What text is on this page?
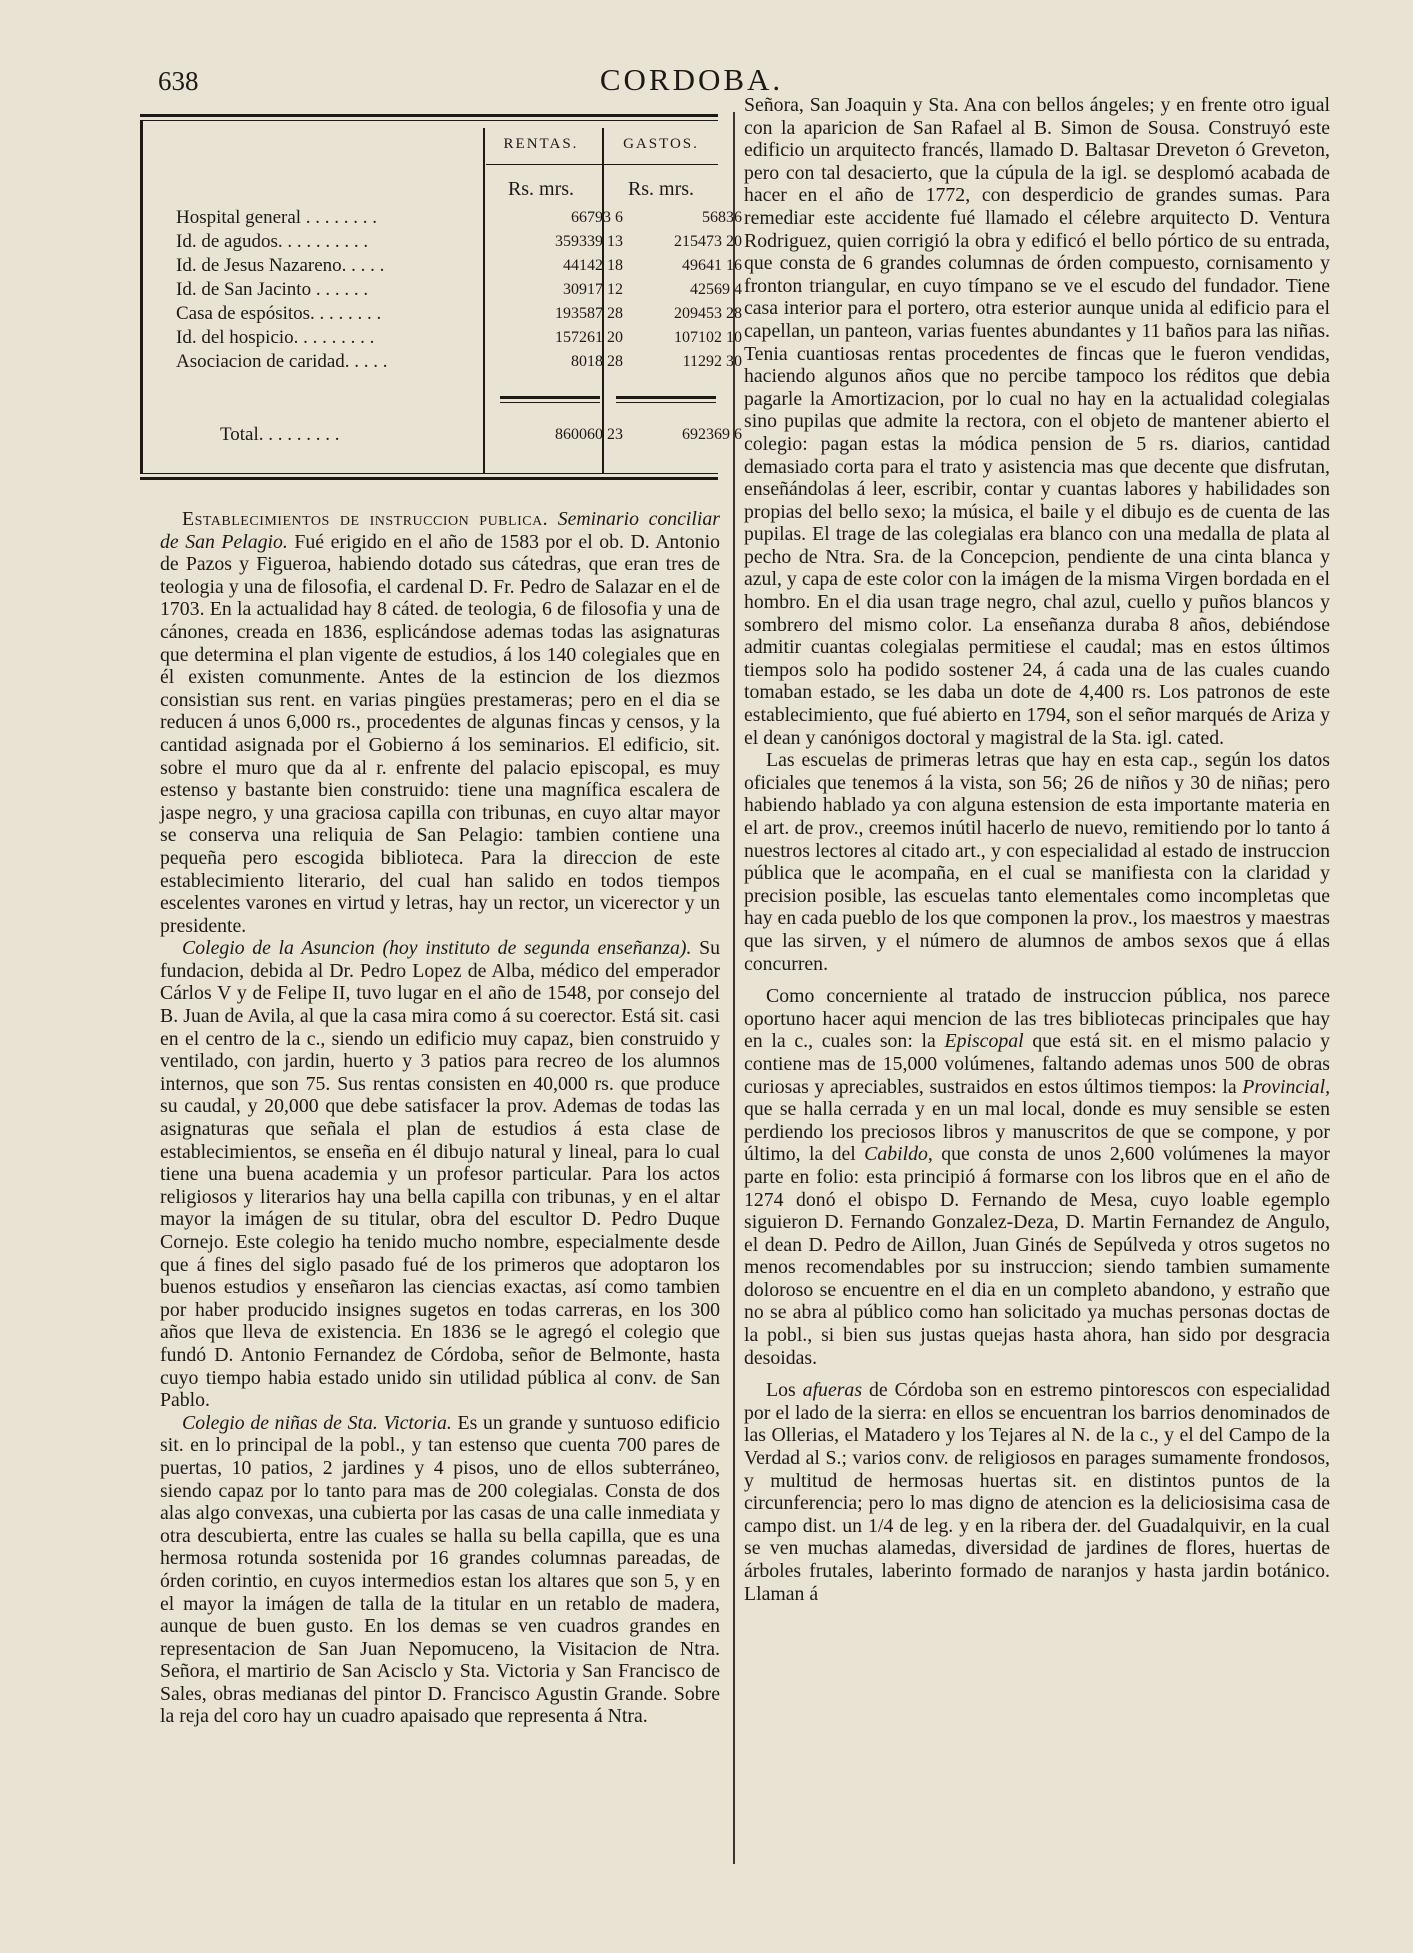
638	CORDOBA.
RENTAS.	GASTOS.
Rs. mrs.	Rs. mrs.
Hospital general . . . . . . . .	66793 6	56836
Id. de agudos. . . . . . . . . .	359339 13	215473 20
Id. de Jesus Nazareno. . . . .	44142 18	49641 16
Id. de San Jacinto . . . . . .	30917 12	42569 4
Casa de espósitos. . . . . . . .	193587 28	209453 28
Id. del hospicio. . . . . . . . .	157261 20	107102 10
Asociacion de caridad. . . . .	8018 28	11292 30
Total. . . . . . . . .	860060 23	692369 6

Establecimientos de instruccion publica. Seminario conciliar de San Pelagio. Fué erigido en el año de 1583 por el ob. D. Antonio de Pazos y Figueroa, habiendo dotado sus cátedras, que eran tres de teologia y una de filosofia, el cardenal D. Fr. Pedro de Salazar en el de 1703. En la actualidad hay 8 cáted. de teologia, 6 de filosofia y una de cánones, creada en 1836, esplicándose ademas todas las asignaturas que determina el plan vigente de estudios, á los 140 colegiales que en él existen comunmente. Antes de la estincion de los diezmos consistian sus rent. en varias pingües prestameras; pero en el dia se reducen á unos 6,000 rs., procedentes de algunas fincas y censos, y la cantidad asignada por el Gobierno á los seminarios. El edificio, sit. sobre el muro que da al r. enfrente del palacio episcopal, es muy estenso y bastante bien construido: tiene una magnífica escalera de jaspe negro, y una graciosa capilla con tribunas, en cuyo altar mayor se conserva una reliquia de San Pelagio: tambien contiene una pequeña pero escogida biblioteca. Para la direccion de este establecimiento literario, del cual han salido en todos tiempos escelentes varones en virtud y letras, hay un rector, un vicerector y un presidente.

Colegio de la Asuncion (hoy instituto de segunda enseñanza). Su fundacion, debida al Dr. Pedro Lopez de Alba, médico del emperador Cárlos V y de Felipe II, tuvo lugar en el año de 1548, por consejo del B. Juan de Avila, al que la casa mira como á su coerector. Está sit. casi en el centro de la c., siendo un edificio muy capaz, bien construido y ventilado, con jardin, huerto y 3 patios para recreo de los alumnos internos, que son 75. Sus rentas consisten en 40,000 rs. que produce su caudal, y 20,000 que debe satisfacer la prov. Ademas de todas las asignaturas que señala el plan de estudios á esta clase de establecimientos, se enseña en él dibujo natural y lineal, para lo cual tiene una buena academia y un profesor particular. Para los actos religiosos y literarios hay una bella capilla con tribunas, y en el altar mayor la imágen de su titular, obra del escultor D. Pedro Duque Cornejo. Este colegio ha tenido mucho nombre, especialmente desde que á fines del siglo pasado fué de los primeros que adoptaron los buenos estudios y enseñaron las ciencias exactas, así como tambien por haber producido insignes sugetos en todas carreras, en los 300 años que lleva de existencia. En 1836 se le agregó el colegio que fundó D. Antonio Fernandez de Córdoba, señor de Belmonte, hasta cuyo tiempo habia estado unido sin utilidad pública al conv. de San Pablo.

Colegio de niñas de Sta. Victoria. Es un grande y suntuoso edificio sit. en lo principal de la pobl., y tan estenso que cuenta 700 pares de puertas, 10 patios, 2 jardines y 4 pisos, uno de ellos subterráneo, siendo capaz por lo tanto para mas de 200 colegialas. Consta de dos alas algo convexas, una cubierta por las casas de una calle inmediata y otra descubierta, entre las cuales se halla su bella capilla, que es una hermosa rotunda sostenida por 16 grandes columnas pareadas, de órden corintio, en cuyos intermedios estan los altares que son 5, y en el mayor la imágen de talla de la titular en un retablo de madera, aunque de buen gusto. En los demas se ven cuadros grandes en representacion de San Juan Nepomuceno, la Visitacion de Ntra. Señora, el martirio de San Acisclo y Sta. Victoria y San Francisco de Sales, obras medianas del pintor D. Francisco Agustin Grande. Sobre la reja del coro hay un cuadro apaisado que representa á Ntra.

Señora, San Joaquin y Sta. Ana con bellos ángeles; y en frente otro igual con la aparicion de San Rafael al B. Simon de Sousa. Construyó este edificio un arquitecto francés, llamado D. Baltasar Dreveton ó Greveton, pero con tal desacierto, que la cúpula de la igl. se desplomó acabada de hacer en el año de 1772, con desperdicio de grandes sumas. Para remediar este accidente fué llamado el célebre arquitecto D. Ventura Rodriguez, quien corrigió la obra y edificó el bello pórtico de su entrada, que consta de 6 grandes columnas de órden compuesto, cornisamento y fronton triangular, en cuyo tímpano se ve el escudo del fundador. Tiene casa interior para el portero, otra esterior aunque unida al edificio para el capellan, un panteon, varias fuentes abundantes y 11 baños para las niñas. Tenia cuantiosas rentas procedentes de fincas que le fueron vendidas, haciendo algunos años que no percibe tampoco los réditos que debia pagarle la Amortizacion, por lo cual no hay en la actualidad colegialas sino pupilas que admite la rectora, con el objeto de mantener abierto el colegio: pagan estas la módica pension de 5 rs. diarios, cantidad demasiado corta para el trato y asistencia mas que decente que disfrutan, enseñándolas á leer, escribir, contar y cuantas labores y habilidades son propias del bello sexo; la música, el baile y el dibujo es de cuenta de las pupilas. El trage de las colegialas era blanco con una medalla de plata al pecho de Ntra. Sra. de la Concepcion, pendiente de una cinta blanca y azul, y capa de este color con la imágen de la misma Virgen bordada en el hombro. En el dia usan trage negro, chal azul, cuello y puños blancos y sombrero del mismo color. La enseñanza duraba 8 años, debiéndose admitir cuantas colegialas permitiese el caudal; mas en estos últimos tiempos solo ha podido sostener 24, á cada una de las cuales cuando tomaban estado, se les daba un dote de 4,400 rs. Los patronos de este establecimiento, que fué abierto en 1794, son el señor marqués de Ariza y el dean y canónigos doctoral y magistral de la Sta. igl. cated.

Las escuelas de primeras letras que hay en esta cap., según los datos oficiales que tenemos á la vista, son 56; 26 de niños y 30 de niñas; pero habiendo hablado ya con alguna estension de esta importante materia en el art. de prov., creemos inútil hacerlo de nuevo, remitiendo por lo tanto á nuestros lectores al citado art., y con especialidad al estado de instruccion pública que le acompaña, en el cual se manifiesta con la claridad y precision posible, las escuelas tanto elementales como incompletas que hay en cada pueblo de los que componen la prov., los maestros y maestras que las sirven, y el número de alumnos de ambos sexos que á ellas concurren.

Como concerniente al tratado de instruccion pública, nos parece oportuno hacer aqui mencion de las tres bibliotecas principales que hay en la c., cuales son: la Episcopal que está sit. en el mismo palacio y contiene mas de 15,000 volúmenes, faltando ademas unos 500 de obras curiosas y apreciables, sustraidos en estos últimos tiempos: la Provincial, que se halla cerrada y en un mal local, donde es muy sensible se esten perdiendo los preciosos libros y manuscritos de que se compone, y por último, la del Cabildo, que consta de unos 2,600 volúmenes la mayor parte en folio: esta principió á formarse con los libros que en el año de 1274 donó el obispo D. Fernando de Mesa, cuyo loable egemplo siguieron D. Fernando Gonzalez-Deza, D. Martin Fernandez de Angulo, el dean D. Pedro de Aillon, Juan Ginés de Sepúlveda y otros sugetos no menos recomendables por su instruccion; siendo tambien sumamente doloroso se encuentre en el dia en un completo abandono, y estraño que no se abra al público como han solicitado ya muchas personas doctas de la pobl., si bien sus justas quejas hasta ahora, han sido por desgracia desoidas.

Los afueras de Córdoba son en estremo pintorescos con especialidad por el lado de la sierra: en ellos se encuentran los barrios denominados de las Ollerias, el Matadero y los Tejares al N. de la c., y el del Campo de la Verdad al S.; varios conv. de religiosos en parages sumamente frondosos, y multitud de hermosas huertas sit. en distintos puntos de la circunferencia; pero lo mas digno de atencion es la deliciosisima casa de campo dist. un 1/4 de leg. y en la ribera der. del Guadalquivir, en la cual se ven muchas alamedas, diversidad de jardines de flores, huertas de árboles frutales, laberinto formado de naranjos y hasta jardin botánico. Llaman á
